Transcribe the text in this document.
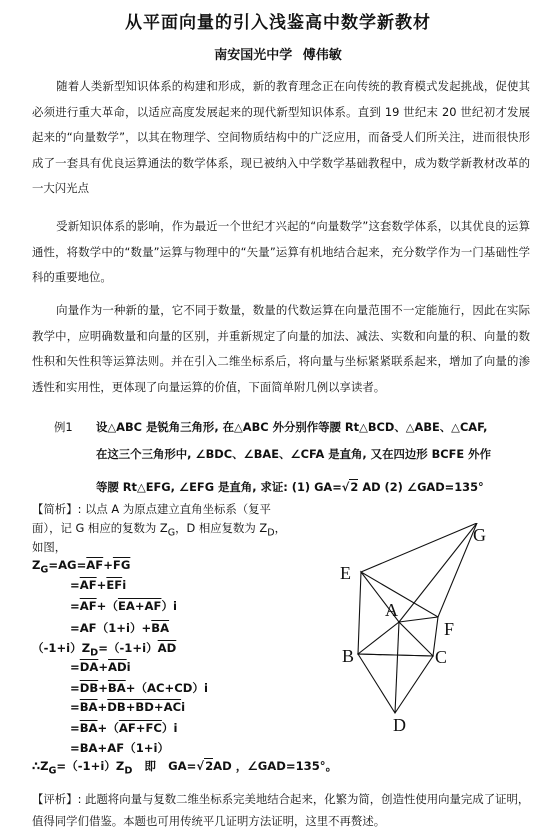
从平面向量的引入浅鉴高中数学新教材
南安国光中学 傅伟敏
随着人类新型知识体系的构建和形成，新的教育理念正在向传统的教育模式发起挑战，促使其必须进行重大革命，以适应高度发展起来的现代新型知识体系。直到 19 世纪末 20 世纪初才发展起来的“向量数学”，以其在物理学、空间物质结构中的广泛应用，而备受人们所关注，进而很快形成了一套具有优良运算通法的数学体系，现已被纳入中学数学基础教程中，成为数学新教材改革的一大闪光点
受新知识体系的影响，作为最近一个世纪才兴起的“向量数学”这套数学体系，以其优良的运算通性，将数学中的“数量”运算与物理中的“矢量”运算有机地结合起来，充分数学作为一门基础性学科的重要地位。
向量作为一种新的量，它不同于数量，数量的代数运算在向量范围不一定能施行，因此在实际教学中，应明确数量和向量的区别，并重新规定了向量的加法、减法、实数和向量的积、向量的数性积和矢性积等运算法则。并在引入二维坐标系后，将向量与坐标紧紧联系起来，增加了向量的渗透性和实用性，更体现了向量运算的价值，下面简单附几例以享读者。
例1 设△ABC 是锐角三角形, 在△ABC 外分别作等腰 Rt△BCD、△ABE、△CAF,
在这三个三角形中, ∠BDC、∠BAE、∠CFA 是直角, 又在四边形 BCFE 外作
等腰 Rt△EFG, ∠EFG 是直角, 求证: (1) GA=√2 AD (2) ∠GAD=135°
【简析】: 以点 A 为原点建立直角坐标系（复平
面），记 G 相应的复数为 $Z_G$，D 相应复数为 $Z_D$，
如图，
$Z_G=AG=\overline{AF}+\overline{FG}$
$=\overline{AF}+\overline{EF}i$
$=\overline{AF}+(EA+AF)i$
$=AF(1+i)+\overline{BA}$
$(-1+i)Z_D=(-1+i)\overline{AD}$
$=\overline{DA}+\overline{AD}i$
$=\overline{DB}+\overline{BA}+(AC+CD)i$
$=\overline{BA}+DB+BD+ACi$
$=\overline{BA}+(AF+FC)i$
=BA+AF（1+i）
$\therefore Z_G=(-1+i)Z_D$   即   GA=√2AD ，∠GAD=135°。
【评析】: 此题将向量与复数二维坐标系完美地结合起来，化繁为简，创造性使用向量完成了证明，值得同学们借鉴。本题也可用传统平几证明方法证明，这里不再赘述。
G
E
A
F
B	C
D
